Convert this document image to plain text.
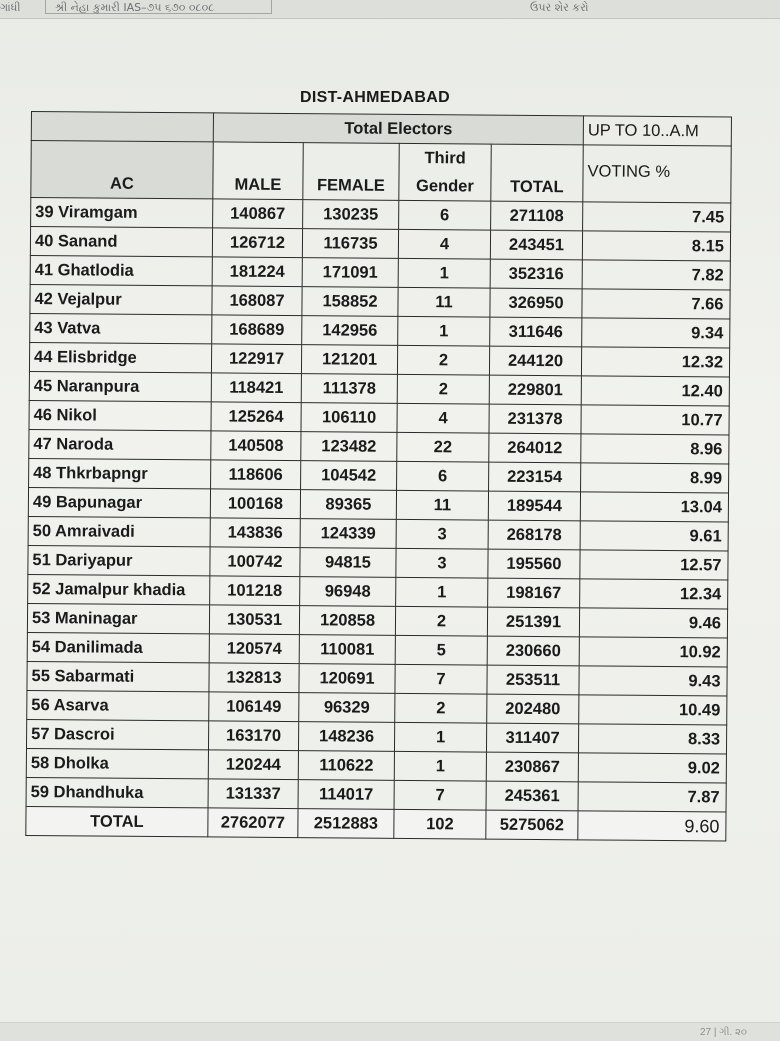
ગાંધી	શ્રી નેહા કુમારી IAS–૭૫ ૬૭૦ ૦૮૦૮	ઉપર શેર કરો
DIST-AHMEDABAD
	Total Electors				UP TO 10..A.M
AC	MALE	FEMALE	Third Gender	TOTAL	VOTING %
39 Viramgam	140867	130235	6	271108	7.45
40 Sanand	126712	116735	4	243451	8.15
41 Ghatlodia	181224	171091	1	352316	7.82
42 Vejalpur	168087	158852	11	326950	7.66
43 Vatva	168689	142956	1	311646	9.34
44 Elisbridge	122917	121201	2	244120	12.32
45 Naranpura	118421	111378	2	229801	12.40
46 Nikol	125264	106110	4	231378	10.77
47 Naroda	140508	123482	22	264012	8.96
48 Thkrbapngr	118606	104542	6	223154	8.99
49 Bapunagar	100168	89365	11	189544	13.04
50 Amraivadi	143836	124339	3	268178	9.61
51 Dariyapur	100742	94815	3	195560	12.57
52 Jamalpur khadia	101218	96948	1	198167	12.34
53 Maninagar	130531	120858	2	251391	9.46
54 Danilimada	120574	110081	5	230660	10.92
55 Sabarmati	132813	120691	7	253511	9.43
56 Asarva	106149	96329	2	202480	10.49
57 Dascroi	163170	148236	1	311407	8.33
58 Dholka	120244	110622	1	230867	9.02
59 Dhandhuka	131337	114017	7	245361	7.87
TOTAL	2762077	2512883	102	5275062	9.60
27 | ગી. ૨૦
